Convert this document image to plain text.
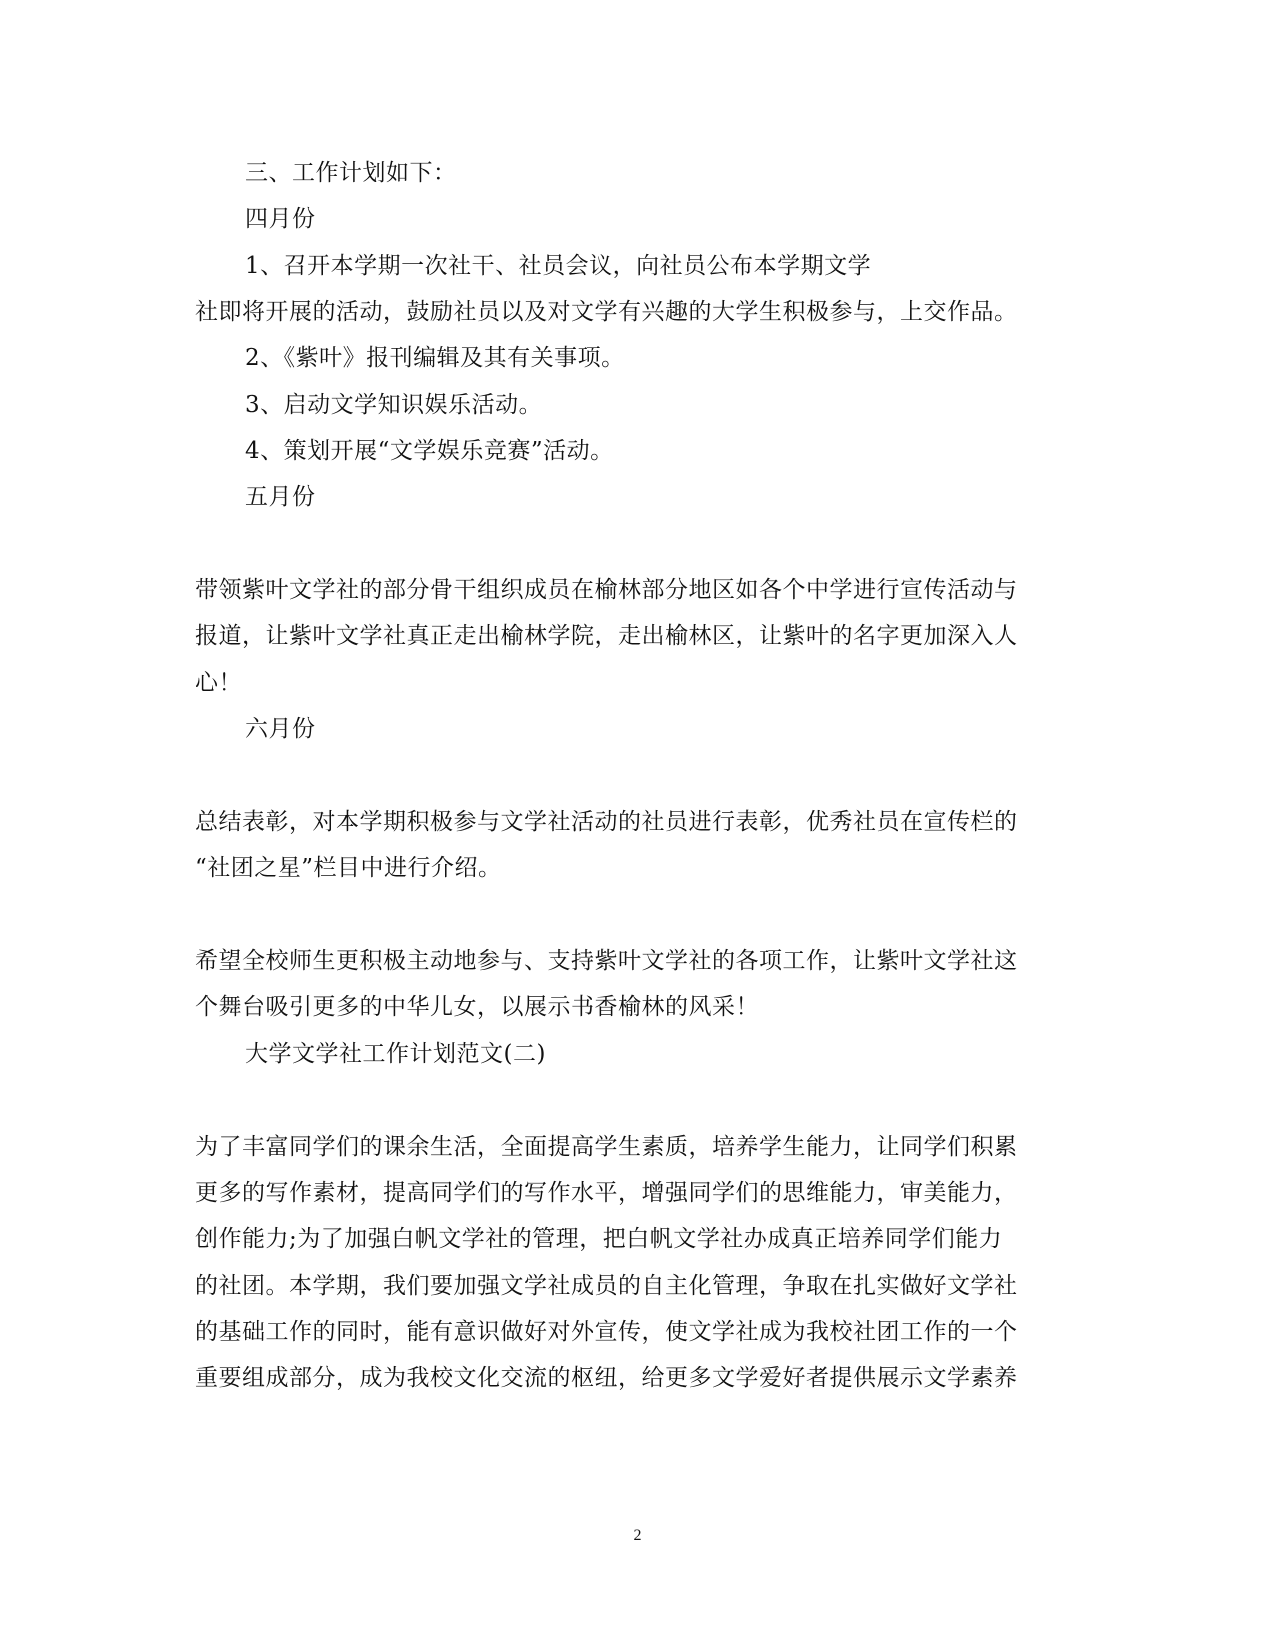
三、工作计划如下：
四月份
1、召开本学期一次社干、社员会议，向社员公布本学期文学
社即将开展的活动，鼓励社员以及对文学有兴趣的大学生积极参与，上交作品。
2、《紫叶》报刊编辑及其有关事项。
3、启动文学知识娱乐活动。
4、策划开展“文学娱乐竞赛”活动。
五月份
带领紫叶文学社的部分骨干组织成员在榆林部分地区如各个中学进行宣传活动与
报道，让紫叶文学社真正走出榆林学院，走出榆林区，让紫叶的名字更加深入人
心！
六月份
总结表彰，对本学期积极参与文学社活动的社员进行表彰，优秀社员在宣传栏的
“社团之星”栏目中进行介绍。
希望全校师生更积极主动地参与、支持紫叶文学社的各项工作，让紫叶文学社这
个舞台吸引更多的中华儿女，以展示书香榆林的风采！
大学文学社工作计划范文(二)
为了丰富同学们的课余生活，全面提高学生素质，培养学生能力，让同学们积累
更多的写作素材，提高同学们的写作水平，增强同学们的思维能力，审美能力，
创作能力;为了加强白帆文学社的管理，把白帆文学社办成真正培养同学们能力
的社团。本学期，我们要加强文学社成员的自主化管理，争取在扎实做好文学社
的基础工作的同时，能有意识做好对外宣传，使文学社成为我校社团工作的一个
重要组成部分，成为我校文化交流的枢纽，给更多文学爱好者提供展示文学素养
2
